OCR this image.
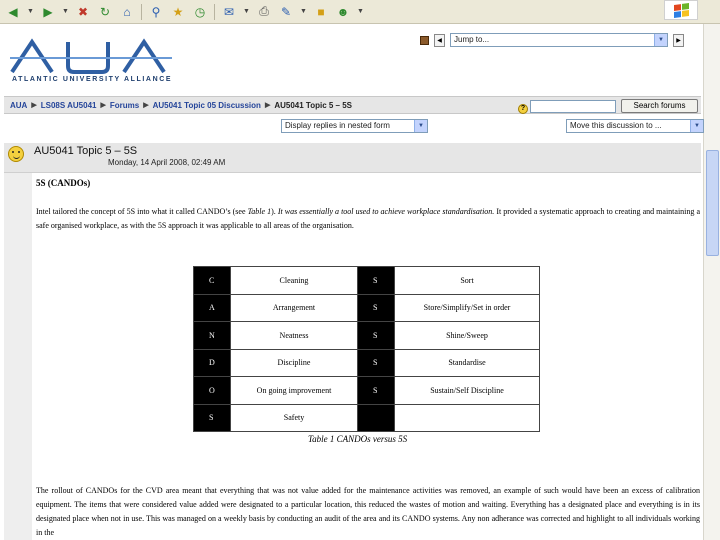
◀	▼ ▶	▼ ✖ ↻	⌂	⚲	★ ◷	✉	▼ ⎙	✎	▼ ■	☻	▼
ATLANTIC UNIVERSITY ALLIANCE
◀	Jump to...	▼	▶
AUA ▶ LS08S AU5041 ▶ Forums ▶ AU5041 Topic 05 Discussion ▶ AU5041 Topic 5 – 5S	?	Search forums
Display replies in nested form	▼	Move this discussion to ...	▼
AU5041 Topic 5 – 5S
Monday, 14 April 2008, 02:49 AM
5S (CANDOs)
Intel tailored the concept of 5S into what it called CANDO’s (see Table 1). It was essentially a tool used to achieve workplace standardisation. It provided a systematic approach to creating and maintaining a safe organised workplace, as with the 5S approach it was applicable to all areas of the organisation.
C	Cleaning	S	Sort
A	Arrangement	S	Store/Simplify/Set in order
N	Neatness	S	Shine/Sweep
D	Discipline	S	Standardise
O	On going improvement	S	Sustain/Self Discipline
S	Safety		
Table 1 CANDOs versus 5S
The rollout of CANDOs for the CVD area meant that everything that was not value added for the maintenance activities was removed, an example of such would have been an excess of calibration equipment. The items that were considered value added were designated to a particular location, this reduced the wastes of motion and waiting. Everything has a designated place and everything is in its designated place when not in use. This was managed on a weekly basis by conducting an audit of the area and its CANDO systems. Any non adherance was corrected and highlight to all individuals working in the
